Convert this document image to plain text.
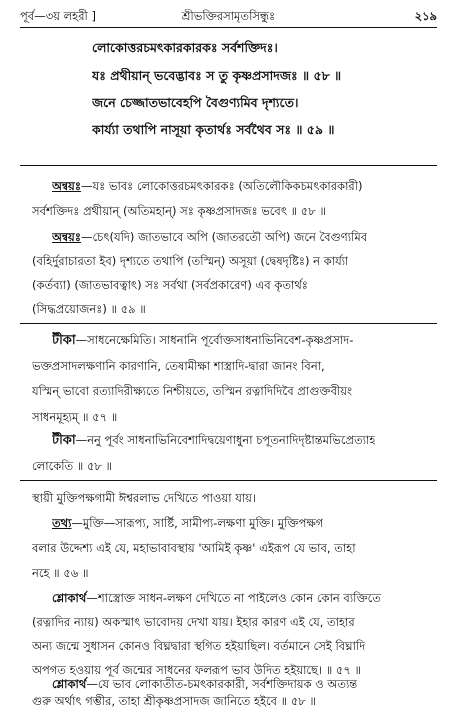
পূর্ব—৩য় লহরী ]	শ্রীভক্তিরসামৃতসিন্ধুঃ	২১৯
লোকোত্তরচমৎকারকারকঃ সর্বশক্তিদঃ।
যঃ প্রথীয়ান্ ভবেদ্ভাবঃ স তু কৃষ্ণপ্রসাদজঃ ॥ ৫৮ ॥
জনে চেজ্জাতভাবেহপি বৈগুণ্যমিব দৃশ্যতে।
কার্য্যা তথাপি নাসূয়া কৃতার্থঃ সর্বথৈব সঃ ॥ ৫৯ ॥
অন্বয়ঃ—যঃ ভাবঃ লোকোত্তরচমৎকারকঃ (অতিলৌকিকচমৎকারকারী)
সর্বশক্তিদঃ প্রথীয়ান্ (অতিমহান্) সঃ কৃষ্ণপ্রসাদজঃ ভবেৎ ॥ ৫৮ ॥
অন্বয়ঃ—চেৎ(যদি) জাতভাবে অপি (জাতরতৌ অপি) জনে বৈগুণ্যমিব
(বহির্দুরাচারতা ইব) দৃশ্যতে তথাপি (তস্মিন্) অসূয়া (দ্বেষদৃষ্টিঃ) ন কার্য্যা
(কর্তব্যা) (জাতভাবত্বাৎ) সঃ সর্বথা (সর্বপ্রকারেণ) এব কৃতার্থঃ
(সিদ্ধপ্রয়োজনঃ) ॥ ৫৯ ॥
টীকা—সাধনেক্ষেমিতি। সাধনানি পূর্বোক্তসাধনাভিনিবেশ-কৃষ্ণপ্রসাদ-
ভক্তপ্রসাদলক্ষণানি কারণানি, তেষামীক্ষা শাস্ত্রাদি-দ্বারা জানং বিনা,
যস্মিন্ ভাবো রত্যাদিরীক্ষ্যতে নিশ্চীয়তে, তস্মিন রত্নাদিদিবৈ প্রাগুক্তবীয়ং
সাধনমূহ্যম্ ॥ ৫৭ ॥
টীকা—ননু পূর্বং সাধনাভিনিবেশাদিদ্বয়েণাধুনা চপূতনাদিদৃষ্টান্তমভিপ্রেত্যাহ
লোকেতি ॥ ৫৮ ॥
স্থায়ী মুক্তিপক্ষগামী ঈশ্বরলাভ দেখিতে পাওয়া যায়।
তথ্য—মুক্তি—সারূপ্য, সার্ষ্টি, সামীপ্য-লক্ষণা মুক্তি। মুক্তিপক্ষগ
বলার উদ্দেশ্য এই যে, মহাভাবাবস্থায় 'আমিই কৃষ্ণ' এইরূপ যে ভাব, তাহা
নহে ॥ ৫৬ ॥
শ্লোকার্থ—শাস্ত্রোক্ত সাধন-লক্ষণ দেখিতে না পাইলেও কোন কোন ব্যক্তিতে
(রত্নাদির ন্যায়) অকস্মাৎ ভাবোদয় দেখা যায়। ইহার কারণ এই যে, তাহার
অন্য জন্মে সুধাসন কোনও বিঘ্নদ্বারা স্থগিত হইয়াছিল। বর্তমানে সেই বিঘ্নাদি
অপগত হওয়ায় পূর্ব জন্মের সাধনের ফলরূপ ভাব উদিত হইয়াছে। ॥ ৫৭ ॥
শ্লোকার্থ—যে ভাব লোকাতীত-চমৎকারকারী, সর্বশক্তিদায়ক ও অত্যন্ত
গুরু অর্থাৎ গম্ভীর, তাহা শ্রীকৃষ্ণপ্রসাদজ জানিতে হইবে ॥ ৫৮ ॥
